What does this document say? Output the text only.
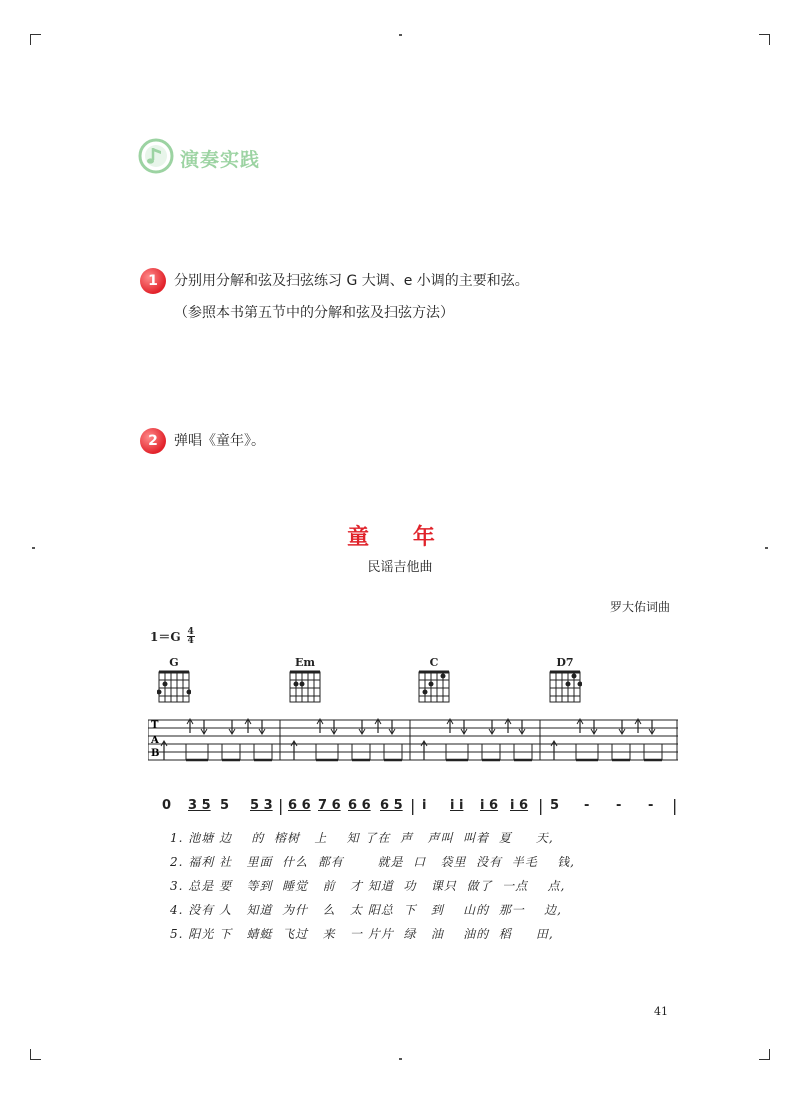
演奏实践
1	分别用分解和弦及扫弦练习 G 大调、e 小调的主要和弦。
（参照本书第五节中的分解和弦及扫弦方法）
2	弹唱《童年》。
童 年
民谣吉他曲
罗大佑词曲
1＝G 4
4
G	Em	C	D7
T
A
B
0 3 5 5 5 3 | 6 6 7 6 6 6 6 5 | i i i i 6 i 6 | 5 - - - |
1. 池塘 边    的  榕树   上    知 了在  声   声叫  叫着  夏     天,
2. 福利 社   里面  什么  都有       就是  口   袋里  没有  半毛    钱,
3. 总是 要   等到  睡觉   前   才 知道  功   课只  做了  一点    点,
4. 没有 人   知道  为什   么   太 阳总  下   到    山的  那一    边,
5. 阳光 下   蜻蜓  飞过   来   一 片片  绿   油    油的  稻     田,
41
